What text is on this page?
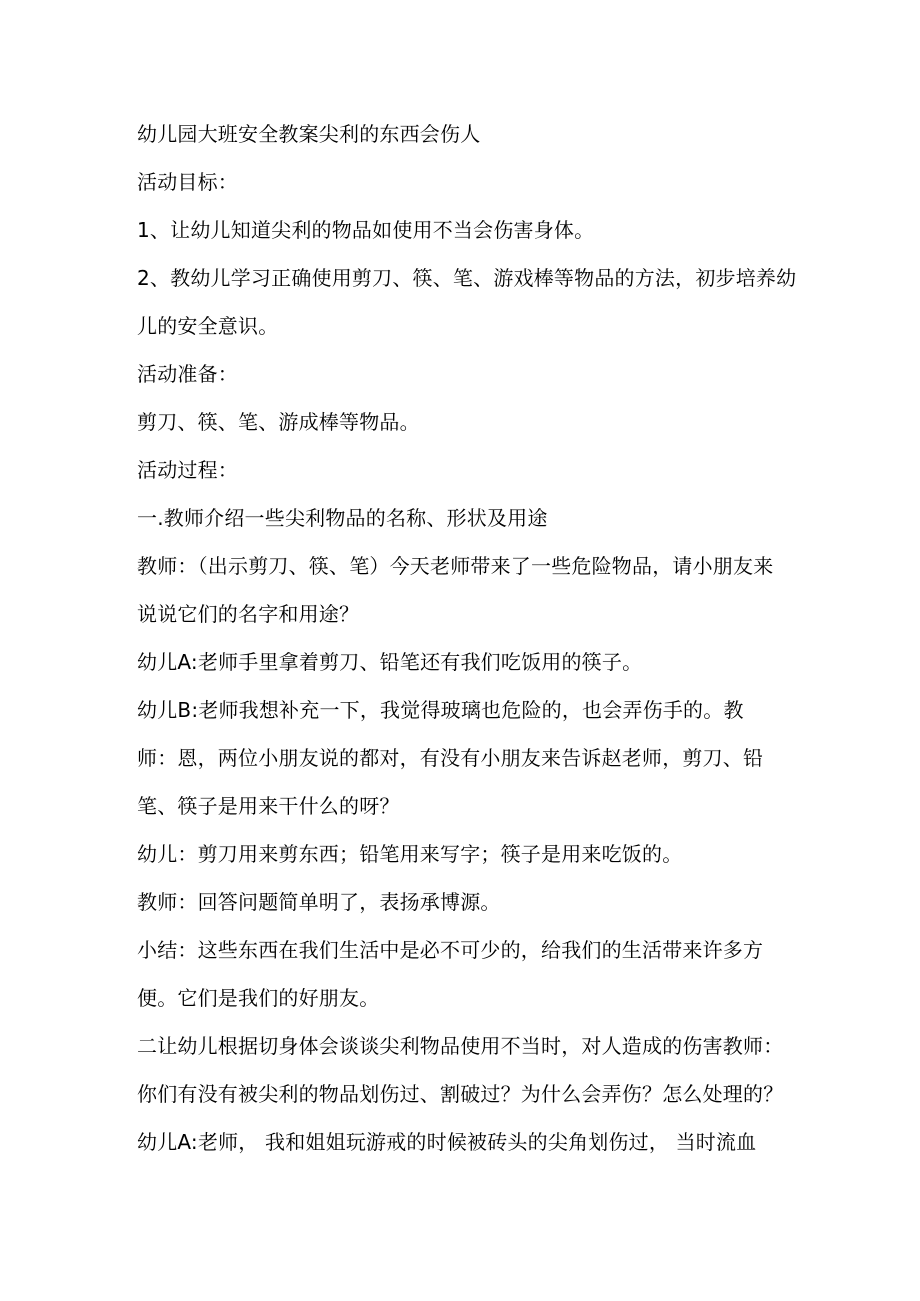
幼儿园大班安全教案尖利的东西会伤人
活动目标：
1、让幼儿知道尖利的物品如使用不当会伤害身体。
2、教幼儿学习正确使用剪刀、筷、笔、游戏棒等物品的方法，初步培养幼
儿的安全意识。
活动准备：
剪刀、筷、笔、游成棒等物品。
活动过程：
一.教师介绍一些尖利物品的名称、形状及用途
教师：（出示剪刀、筷、笔）今天老师带来了一些危险物品，请小朋友来
说说它们的名字和用途？
幼儿A:老师手里拿着剪刀、铅笔还有我们吃饭用的筷子。
幼儿B:老师我想补充一下，我觉得玻璃也危险的，也会弄伤手的。教
师：恩，两位小朋友说的都对，有没有小朋友来告诉赵老师，剪刀、铅
笔、筷子是用来干什么的呀？
幼儿：剪刀用来剪东西；铅笔用来写字；筷子是用来吃饭的。
教师：回答问题简单明了，表扬承博源。
小结：这些东西在我们生活中是必不可少的，给我们的生活带来许多方
便。它们是我们的好朋友。
二让幼儿根据切身体会谈谈尖利物品使用不当时，对人造成的伤害教师：
你们有没有被尖利的物品划伤过、割破过？为什么会弄伤？怎么处理的？
幼儿A:老师， 我和姐姐玩游戒的时候被砖头的尖角划伤过， 当时流血
